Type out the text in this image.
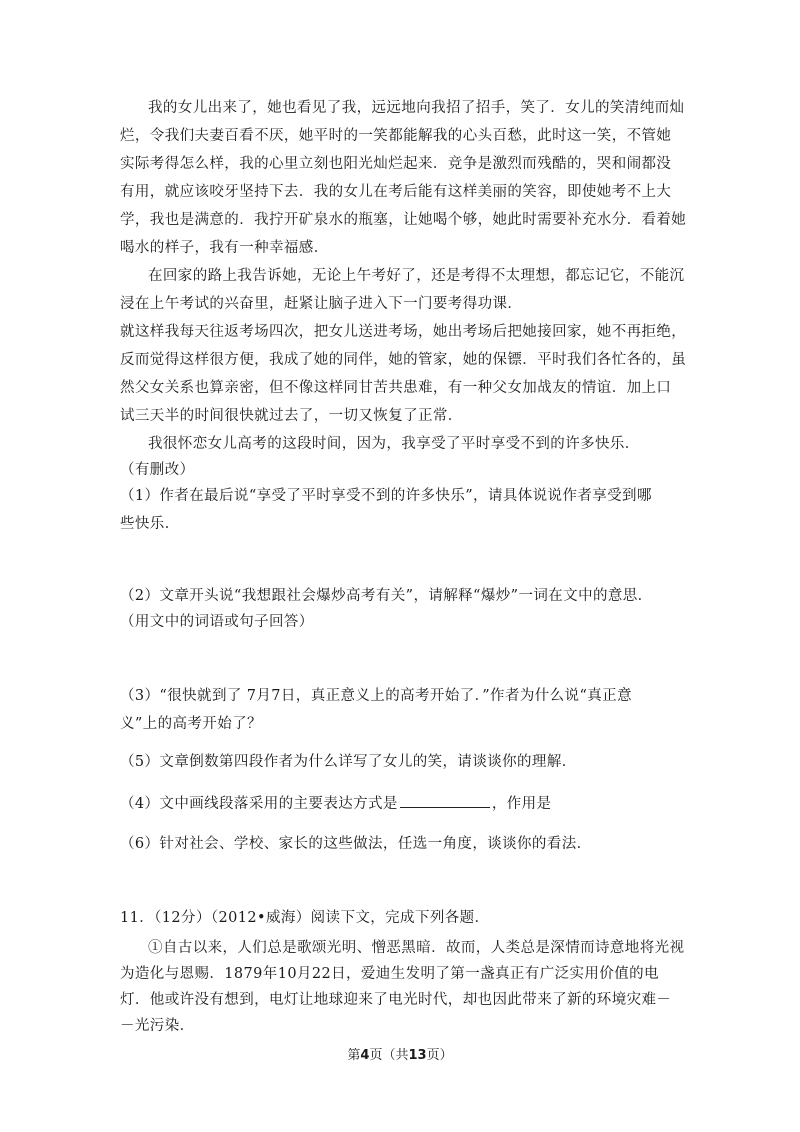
我的女儿出来了，她也看见了我，远远地向我招了招手，笑了．女儿的笑清纯而灿
烂，令我们夫妻百看不厌，她平时的一笑都能解我的心头百愁，此时这一笑，不管她
实际考得怎么样，我的心里立刻也阳光灿烂起来．竞争是激烈而残酷的，哭和闹都没
有用，就应该咬牙坚持下去．我的女儿在考后能有这样美丽的笑容，即使她考不上大
学，我也是满意的．我拧开矿泉水的瓶塞，让她喝个够，她此时需要补充水分．看着她
喝水的样子，我有一种幸福感．
在回家的路上我告诉她，无论上午考好了，还是考得不太理想，都忘记它，不能沉
浸在上午考试的兴奋里，赶紧让脑子进入下一门要考得功课．
就这样我每天往返考场四次，把女儿送进考场，她出考场后把她接回家，她不再拒绝，
反而觉得这样很方便，我成了她的同伴，她的管家，她的保镖．平时我们各忙各的，虽
然父女关系也算亲密，但不像这样同甘苦共患难，有一种父女加战友的情谊．加上口
试三天半的时间很快就过去了，一切又恢复了正常．
我很怀恋女儿高考的这段时间，因为，我享受了平时享受不到的许多快乐．
（有删改）
（1）作者在最后说“享受了平时享受不到的许多快乐”，请具体说说作者享受到哪
些快乐．
（2）文章开头说“我想跟社会爆炒高考有关”，请解释“爆炒”一词在文中的意思．
（用文中的词语或句子回答）
（3）“很快就到了 7月7日，真正意义上的高考开始了．”作者为什么说“真正意
义”上的高考开始了？
（4）文中画线段落采用的主要表达方式是	，作用是
（5）文章倒数第四段作者为什么详写了女儿的笑，请谈谈你的理解．
（6）针对社会、学校、家长的这些做法，任选一角度，谈谈你的看法．
11．（12分）（2012•威海）阅读下文，完成下列各题．
①自古以来，人们总是歌颂光明、憎恶黑暗．故而，人类总是深情而诗意地将光视
为造化与恩赐．1879年10月22日，爱迪生发明了第一盏真正有广泛实用价值的电
灯．他或许没有想到，电灯让地球迎来了电光时代，却也因此带来了新的环境灾难－
－光污染．
第4页（共13页）
